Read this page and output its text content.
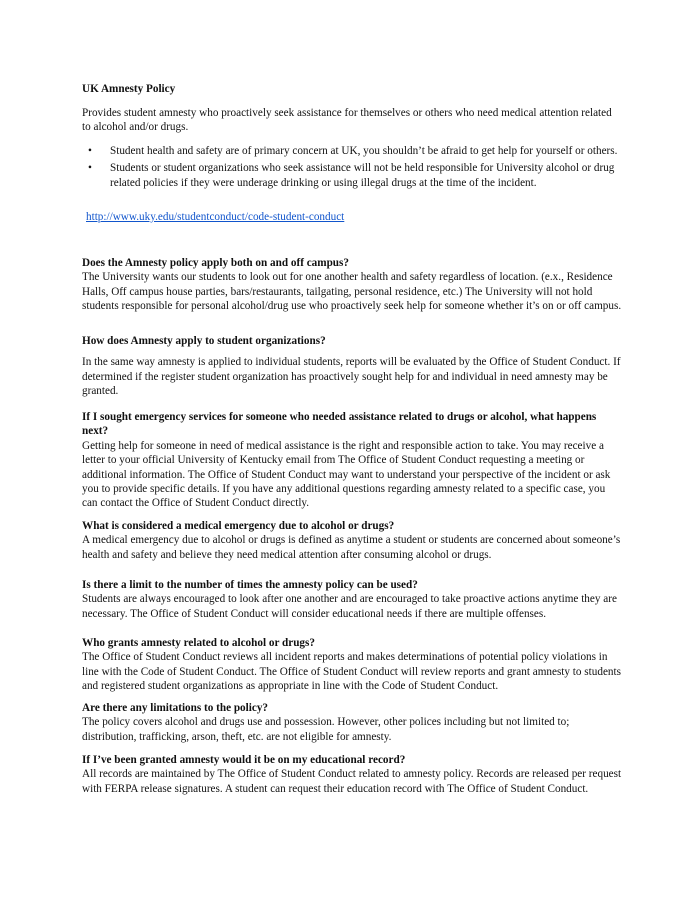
UK Amnesty Policy

Provides student amnesty who proactively seek assistance for themselves or others who need medical attention related to alcohol and/or drugs.

• Student health and safety are of primary concern at UK, you shouldn’t be afraid to get help for yourself or others.
• Students or student organizations who seek assistance will not be held responsible for University alcohol or drug related policies if they were underage drinking or using illegal drugs at the time of the incident.
http://www.uky.edu/studentconduct/code-student-conduct
Does the Amnesty policy apply both on and off campus?
The University wants our students to look out for one another health and safety regardless of location. (e.x., Residence Halls, Off campus house parties, bars/restaurants, tailgating, personal residence, etc.) The University will not hold students responsible for personal alcohol/drug use who proactively seek help for someone whether it’s on or off campus.
How does Amnesty apply to student organizations?
In the same way amnesty is applied to individual students, reports will be evaluated by the Office of Student Conduct. If determined if the register student organization has proactively sought help for and individual in need amnesty may be granted.
If I sought emergency services for someone who needed assistance related to drugs or alcohol, what happens next?
Getting help for someone in need of medical assistance is the right and responsible action to take. You may receive a letter to your official University of Kentucky email from The Office of Student Conduct requesting a meeting or additional information. The Office of Student Conduct may want to understand your perspective of the incident or ask you to provide specific details. If you have any additional questions regarding amnesty related to a specific case, you can contact the Office of Student Conduct directly.
What is considered a medical emergency due to alcohol or drugs?
A medical emergency due to alcohol or drugs is defined as anytime a student or students are concerned about someone’s health and safety and believe they need medical attention after consuming alcohol or drugs.
Is there a limit to the number of times the amnesty policy can be used?
Students are always encouraged to look after one another and are encouraged to take proactive actions anytime they are necessary. The Office of Student Conduct will consider educational needs if there are multiple offenses.
Who grants amnesty related to alcohol or drugs?
The Office of Student Conduct reviews all incident reports and makes determinations of potential policy violations in line with the Code of Student Conduct. The Office of Student Conduct will review reports and grant amnesty to students and registered student organizations as appropriate in line with the Code of Student Conduct.
Are there any limitations to the policy?
The policy covers alcohol and drugs use and possession. However, other polices including but not limited to; distribution, trafficking, arson, theft, etc. are not eligible for amnesty.
If I’ve been granted amnesty would it be on my educational record?
All records are maintained by The Office of Student Conduct related to amnesty policy. Records are released per request with FERPA release signatures. A student can request their education record with The Office of Student Conduct.
